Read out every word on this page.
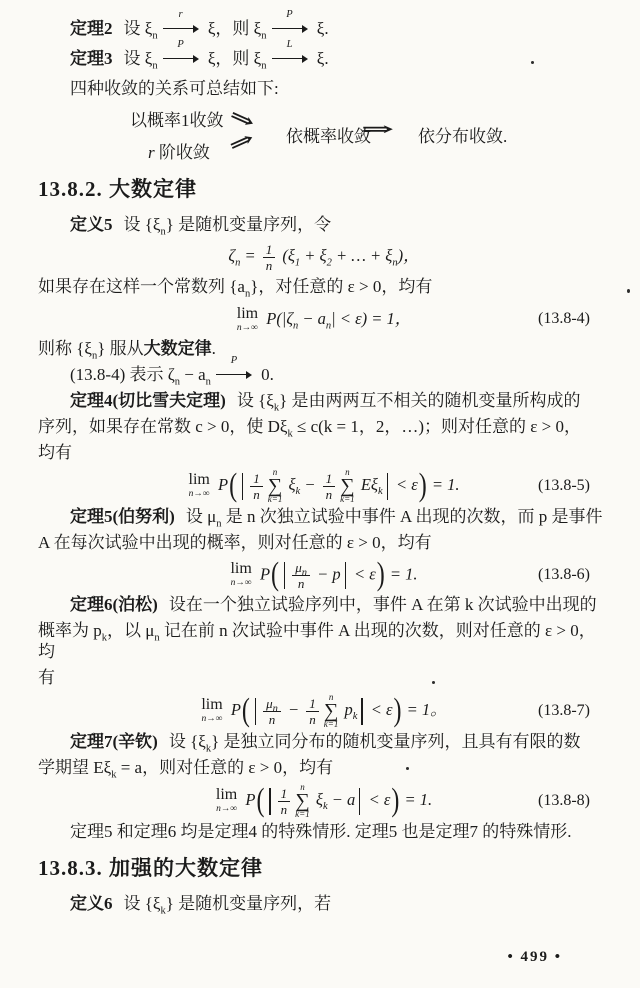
定理2 设 $\xi_n$
r
ξ，则 $\xi_n$
P
ξ.
定理3 设 $\xi_n$
P
ξ，则 $\xi_n$
L
ξ.
四种收敛的关系可总结如下:
以概率1收敛
r 阶收敛
⇒
⇒ 依概率收敛
⇒ 依分布收敛.
13.8.2. 大数定律
定义5 设 $\{\xi_n\}$ 是随机变量序列，令
$\zeta_n = \frac{1}{n} (\xi_1 + \xi_2$ + … + $\xi_n$)，
如果存在这样一个常数列 $\{a_n\}$，对任意的 ε > 0，均有
lim
n→∞
$P(|\zeta_n - a_n| < \varepsilon) = 1$，	(13.8-4)
则称 $\{\xi_n\}$ 服从大数定律.
(13.8-4) 表示 $\zeta_n - a_n$
P
0.
定理4(切比雪夫定理) 设 $\{\xi_k\}$ 是由两两互不相关的随机变量所构成的
序列，如果存在常数 c > 0，使 $D\xi_k \le c(k = 1$，2，…)；则对任意的 ε > 0，
均有
lim
n→∞
$P( \frac{1}{n}$ n
∑
k=1
$\xi_k - \frac{1}{n}$ n
∑
k=1
$E\xi_k < \varepsilon) = 1$.	(13.8-5)
定理5(伯努利) 设 $\mu_n$ 是 n 次独立试验中事件 A 出现的次数，而 p 是事件
A 在每次试验中出现的概率，则对任意的 ε > 0，均有
lim
n→∞
$P( \frac{\mu_n}{n} - p < \varepsilon) = 1$.	(13.8-6)
定理6(泊松) 设在一个独立试验序列中，事件 A 在第 k 次试验中出现的
概率为 $p_k$，以 $\mu_n$ 记在前 n 次试验中事件 A 出现的次数，则对任意的 ε > 0，均
有
lim
n→∞
$P( \frac{\mu_n}{n} - \frac{1}{n}$ n
∑
k=1
$p_k < \varepsilon) = 1$。	(13.8-7)
定理7(辛钦) 设 $\{\xi_k\}$ 是独立同分布的随机变量序列，且具有有限的数
学期望 $E\xi_k = a$，则对任意的 ε > 0，均有
lim
n→∞
$P( \frac{1}{n}$ n
∑
k=1
$\xi_k - a < \varepsilon) = 1$.	(13.8-8)
定理5 和定理6 均是定理4 的特殊情形. 定理5 也是定理7 的特殊情形.
13.8.3. 加强的大数定律
定义6 设 $\{\xi_k\}$ 是随机变量序列，若
• 499 •
